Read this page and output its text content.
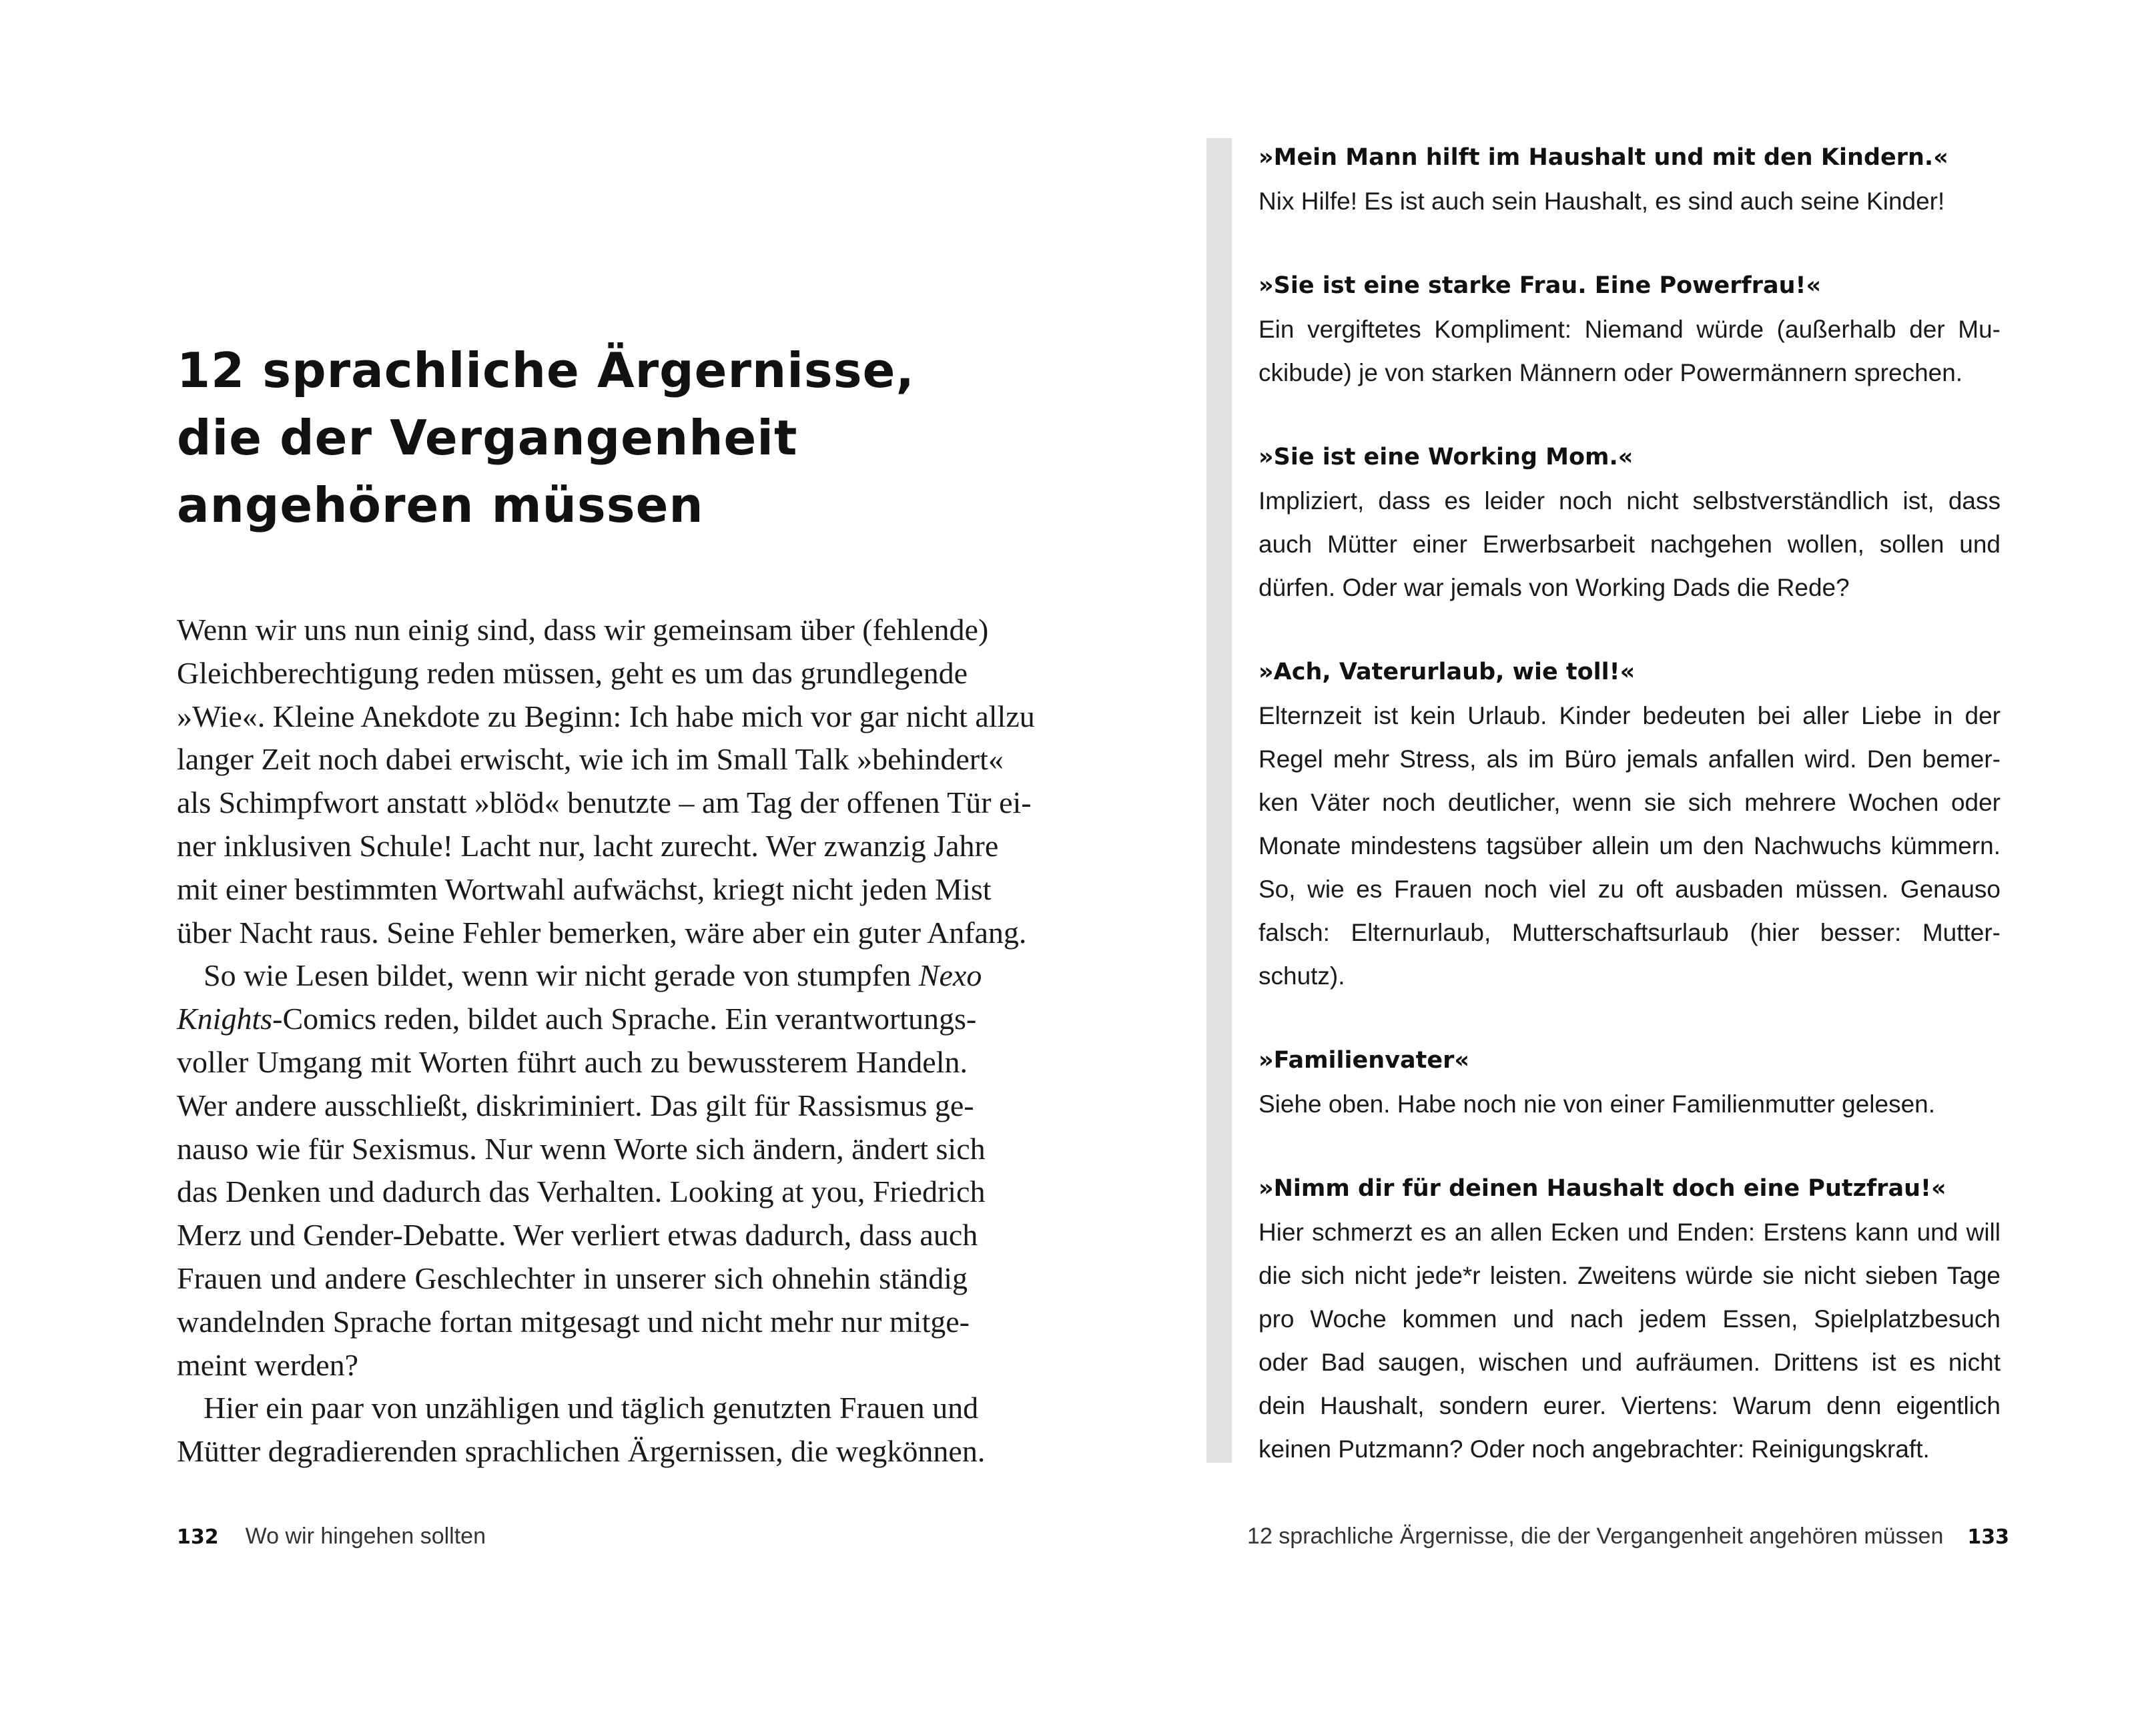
12 sprachliche Ärgernisse,
die der Vergangenheit
angehören müssen

Wenn wir uns nun einig sind, dass wir gemeinsam über (fehlende)
Gleichberechtigung reden müssen, geht es um das grundlegende
»Wie«. Kleine Anekdote zu Beginn: Ich habe mich vor gar nicht allzu
langer Zeit noch dabei erwischt, wie ich im Small Talk »behindert«
als Schimpfwort anstatt »blöd« benutzte – am Tag der offenen Tür ei-
ner inklusiven Schule! Lacht nur, lacht zurecht. Wer zwanzig Jahre
mit einer bestimmten Wortwahl aufwächst, kriegt nicht jeden Mist
über Nacht raus. Seine Fehler bemerken, wäre aber ein guter Anfang.

So wie Lesen bildet, wenn wir nicht gerade von stumpfen Nexo
Knights-Comics reden, bildet auch Sprache. Ein verantwortungs-
voller Umgang mit Worten führt auch zu bewussterem Handeln.
Wer andere ausschließt, diskriminiert. Das gilt für Rassismus ge-
nauso wie für Sexismus. Nur wenn Worte sich ändern, ändert sich
das Denken und dadurch das Verhalten. Looking at you, Friedrich
Merz und Gender-Debatte. Wer verliert etwas dadurch, dass auch
Frauen und andere Geschlechter in unserer sich ohnehin ständig
wandelnden Sprache fortan mitgesagt und nicht mehr nur mitge-
meint werden?

Hier ein paar von unzähligen und täglich genutzten Frauen und
Mütter degradierenden sprachlichen Ärgernissen, die wegkönnen.

132 Wo wir hingehen sollten
»Mein Mann hilft im Haushalt und mit den Kindern.«
Nix Hilfe! Es ist auch sein Haushalt, es sind auch seine Kinder!
»Sie ist eine starke Frau. Eine Powerfrau!«
Ein vergiftetes Kompliment: Niemand würde (außerhalb der Mu-
ckibude) je von starken Männern oder Powermännern sprechen.
»Sie ist eine Working Mom.«
Impliziert, dass es leider noch nicht selbstverständlich ist, dass
auch Mütter einer Erwerbsarbeit nachgehen wollen, sollen und
dürfen. Oder war jemals von Working Dads die Rede?
»Ach, Vaterurlaub, wie toll!«
Elternzeit ist kein Urlaub. Kinder bedeuten bei aller Liebe in der
Regel mehr Stress, als im Büro jemals anfallen wird. Den bemer-
ken Väter noch deutlicher, wenn sie sich mehrere Wochen oder
Monate mindestens tagsüber allein um den Nachwuchs kümmern.
So, wie es Frauen noch viel zu oft ausbaden müssen. Genauso
falsch: Elternurlaub, Mutterschaftsurlaub (hier besser: Mutter-
schutz).
»Familienvater«
Siehe oben. Habe noch nie von einer Familienmutter gelesen.
»Nimm dir für deinen Haushalt doch eine Putzfrau!«
Hier schmerzt es an allen Ecken und Enden: Erstens kann und will
die sich nicht jede*r leisten. Zweitens würde sie nicht sieben Tage
pro Woche kommen und nach jedem Essen, Spielplatzbesuch
oder Bad saugen, wischen und aufräumen. Drittens ist es nicht
dein Haushalt, sondern eurer. Viertens: Warum denn eigentlich
keinen Putzmann? Oder noch angebrachter: Reinigungskraft.
12 sprachliche Ärgernisse, die der Vergangenheit angehören müssen 133
